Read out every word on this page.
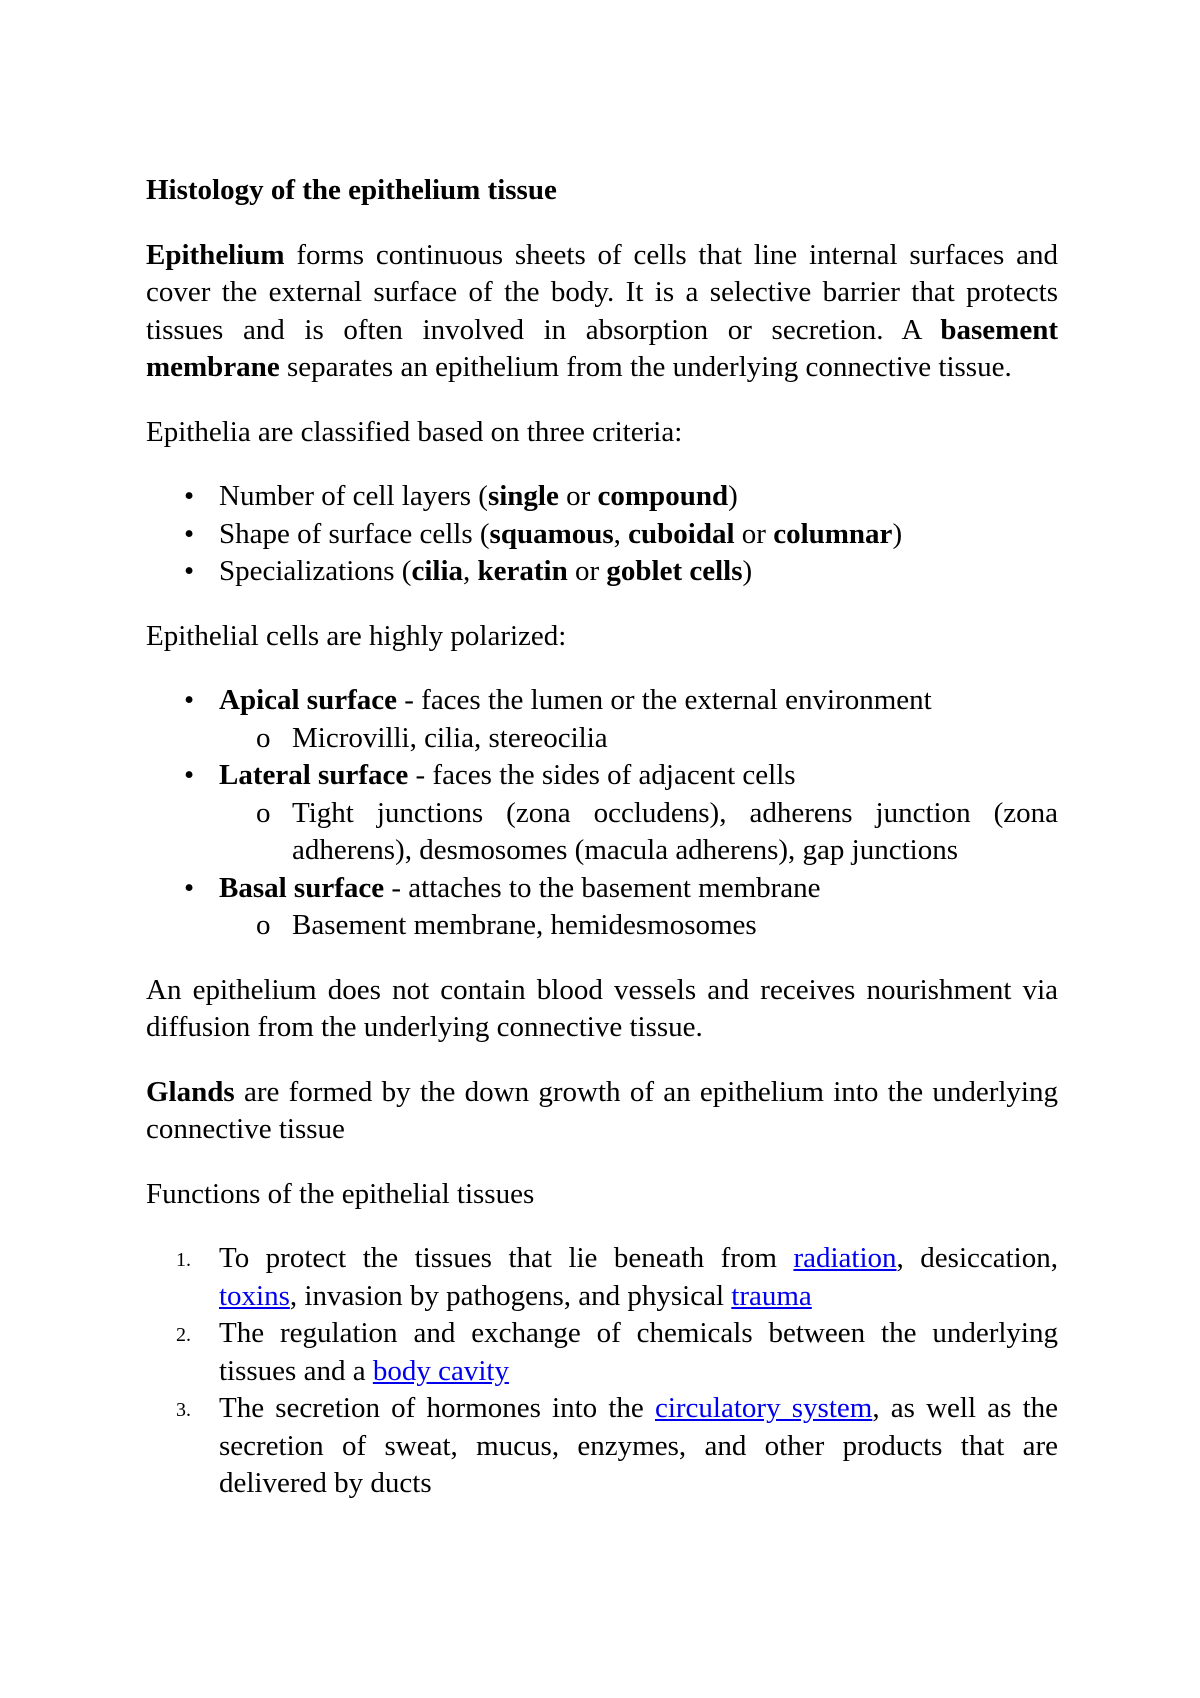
Histology of the epithelium tissue

Epithelium forms continuous sheets of cells that line internal surfaces and cover the external surface of the body. It is a selective barrier that protects tissues and is often involved in absorption or secretion. A basement membrane separates an epithelium from the underlying connective tissue.

Epithelia are classified based on three criteria:

• Number of cell layers (single or compound)
• Shape of surface cells (squamous, cuboidal or columnar)
• Specializations (cilia, keratin or goblet cells)

Epithelial cells are highly polarized:

• Apical surface - faces the lumen or the external environment
o Microvilli, cilia, stereocilia
• Lateral surface - faces the sides of adjacent cells
o Tight junctions (zona occludens), adherens junction (zona adherens), desmosomes (macula adherens), gap junctions
• Basal surface - attaches to the basement membrane
o Basement membrane, hemidesmosomes

An epithelium does not contain blood vessels and receives nourishment via diffusion from the underlying connective tissue.

Glands are formed by the down growth of an epithelium into the underlying connective tissue

Functions of the epithelial tissues

1. To protect the tissues that lie beneath from radiation, desiccation, toxins, invasion by pathogens, and physical trauma
2. The regulation and exchange of chemicals between the underlying tissues and a body cavity
3. The secretion of hormones into the circulatory system, as well as the secretion of sweat, mucus, enzymes, and other products that are delivered by ducts
